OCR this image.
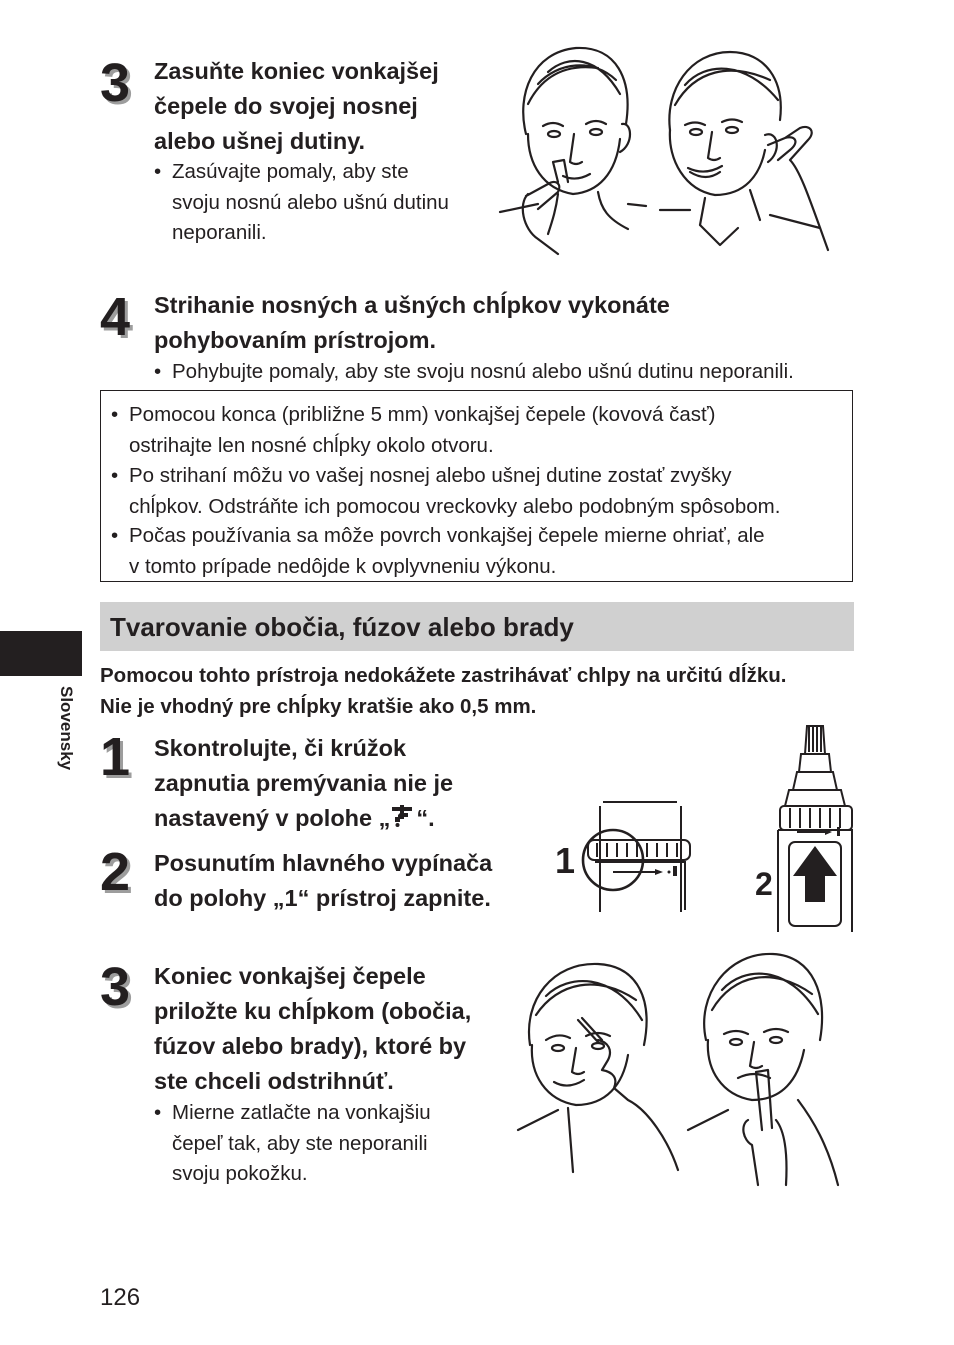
Slovensky
3 Zasuňte koniec vonkajšej
čepele do svojej nosnej
alebo ušnej dutiny.
• Zasúvajte pomaly, aby ste
svoju nosnú alebo ušnú dutinu
neporanili.
4 Strihanie nosných a ušných chĺpkov vykonáte
pohybovaním prístrojom.
• Pohybujte pomaly, aby ste svoju nosnú alebo ušnú dutinu neporanili.
• Pomocou konca (približne 5 mm) vonkajšej čepele (kovová časť)
ostrihajte len nosné chĺpky okolo otvoru.
• Po strihaní môžu vo vašej nosnej alebo ušnej dutine zostať zvyšky
chĺpkov. Odstráňte ich pomocou vreckovky alebo podobným spôsobom.
• Počas používania sa môže povrch vonkajšej čepele mierne ohriať, ale
v tomto prípade nedôjde k ovplyvneniu výkonu.
Tvarovanie obočia, fúzov alebo brady
Pomocou tohto prístroja nedokážete zastrihávať chlpy na určitú dĺžku.
Nie je vhodný pre chĺpky kratšie ako 0,5 mm.
1 Skontrolujte, či krúžok
zapnutia premývania nie je
nastavený v polohe „ “.
2 Posunutím hlavného vypínača
do polohy „1“ prístroj zapnite.
1
2
3 Koniec vonkajšej čepele
priložte ku chĺpkom (obočia,
fúzov alebo brady), ktoré by
ste chceli odstrihnúť.
• Mierne zatlačte na vonkajšiu
čepeľ tak, aby ste neporanili
svoju pokožku.
126
